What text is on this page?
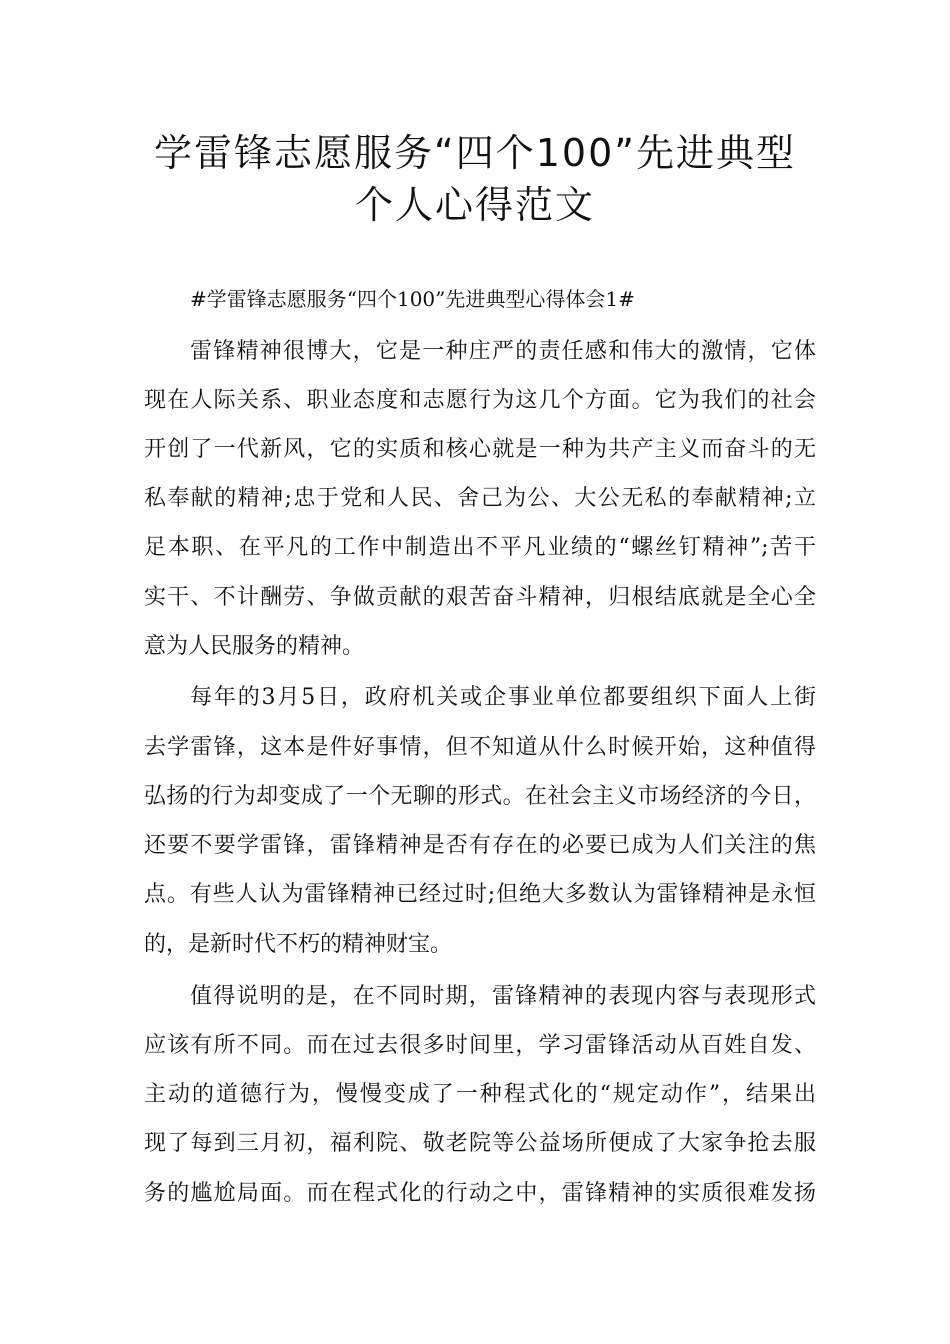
学雷锋志愿服务“四个100”先进典型
个人心得范文
#学雷锋志愿服务“四个100”先进典型心得体会1#
雷锋精神很博大，它是一种庄严的责任感和伟大的激情，它体
现在人际关系、职业态度和志愿行为这几个方面。它为我们的社会
开创了一代新风，它的实质和核心就是一种为共产主义而奋斗的无
私奉献的精神;忠于党和人民、舍己为公、大公无私的奉献精神;立
足本职、在平凡的工作中制造出不平凡业绩的“螺丝钉精神”;苦干
实干、不计酬劳、争做贡献的艰苦奋斗精神，归根结底就是全心全
意为人民服务的精神。
每年的3月5日，政府机关或企事业单位都要组织下面人上街
去学雷锋，这本是件好事情，但不知道从什么时候开始，这种值得
弘扬的行为却变成了一个无聊的形式。在社会主义市场经济的今日，
还要不要学雷锋，雷锋精神是否有存在的必要已成为人们关注的焦
点。有些人认为雷锋精神已经过时;但绝大多数认为雷锋精神是永恒
的，是新时代不朽的精神财宝。
值得说明的是，在不同时期，雷锋精神的表现内容与表现形式
应该有所不同。而在过去很多时间里，学习雷锋活动从百姓自发、
主动的道德行为，慢慢变成了一种程式化的“规定动作”，结果出
现了每到三月初，福利院、敬老院等公益场所便成了大家争抢去服
务的尴尬局面。而在程式化的行动之中，雷锋精神的实质很难发扬
